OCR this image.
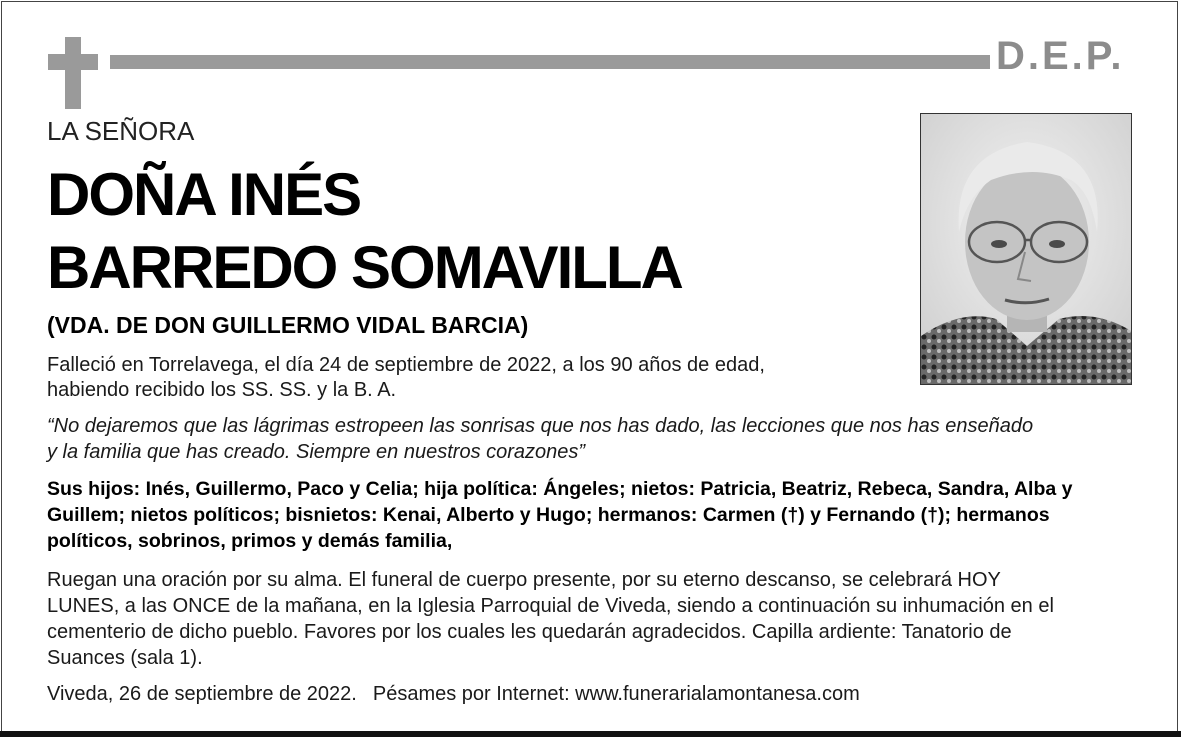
D.E.P.
LA SEÑORA
DOÑA INÉS
BARREDO SOMAVILLA
(VDA. DE DON GUILLERMO VIDAL BARCIA)
Falleció en Torrelavega, el día 24 de septiembre de 2022, a los 90 años de edad,
habiendo recibido los SS. SS. y la B. A.
“No dejaremos que las lágrimas estropeen las sonrisas que nos has dado, las lecciones que nos has enseñado
y la familia que has creado. Siempre en nuestros corazones”
Sus hijos: Inés, Guillermo, Paco y Celia; hija política: Ángeles; nietos: Patricia, Beatriz, Rebeca, Sandra, Alba y
Guillem; nietos políticos; bisnietos: Kenai, Alberto y Hugo; hermanos: Carmen (†) y Fernando (†); hermanos
políticos, sobrinos, primos y demás familia,
Ruegan una oración por su alma. El funeral de cuerpo presente, por su eterno descanso, se celebrará HOY
LUNES, a las ONCE de la mañana, en la Iglesia Parroquial de Viveda, siendo a continuación su inhumación en el
cementerio de dicho pueblo. Favores por los cuales les quedarán agradecidos. Capilla ardiente: Tanatorio de
Suances (sala 1).
Viveda, 26 de septiembre de 2022. Pésames por Internet: www.funerarialamontanesa.com
